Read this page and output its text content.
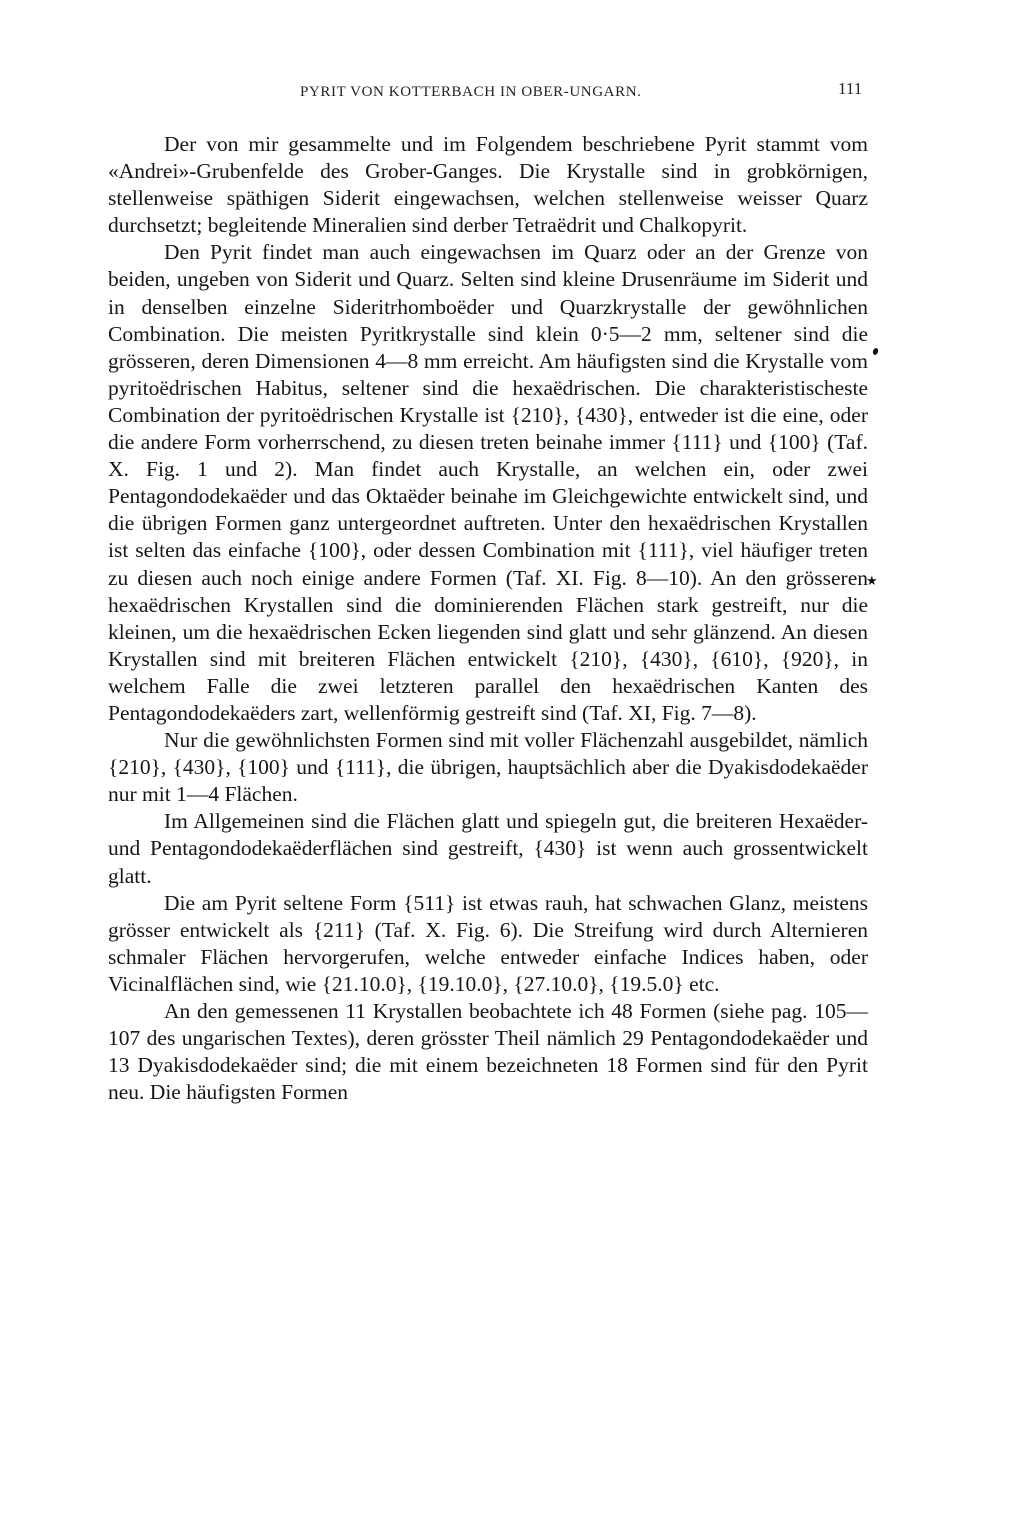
PYRIT VON KOTTERBACH IN OBER-UNGARN.	111

Der von mir gesammelte und im Folgendem beschriebene Pyrit stammt vom «Andrei»-Grubenfelde des Grober-Ganges. Die Krystalle sind in grobkörnigen, stellenweise späthigen Siderit eingewachsen, welchen stellenweise weisser Quarz durchsetzt; begleitende Mineralien sind derber Tetraëdrit und Chalkopyrit.

Den Pyrit findet man auch eingewachsen im Quarz oder an der Grenze von beiden, ungeben von Siderit und Quarz. Selten sind kleine Drusenräume im Siderit und in denselben einzelne Sideritrhomboëder und Quarzkrystalle der gewöhnlichen Combination. Die meisten Pyritkrystalle sind klein 0·5—2 mm, seltener sind die grösseren, deren Dimensionen 4—8 mm erreicht. Am häufigsten sind die Krystalle vom pyritoëdrischen Habitus, seltener sind die hexaëdrischen. Die charakteristischeste Combination der pyritoëdrischen Krystalle ist {210}, {430}, entweder ist die eine, oder die andere Form vorherrschend, zu diesen treten beinahe immer {111} und {100} (Taf. X. Fig. 1 und 2). Man findet auch Krystalle, an welchen ein, oder zwei Pentagondodekaëder und das Oktaëder beinahe im Gleichgewichte entwickelt sind, und die übrigen Formen ganz untergeordnet auftreten. Unter den hexaëdrischen Krystallen ist selten das einfache {100}, oder dessen Combination mit {111}, viel häufiger treten zu diesen auch noch einige andere Formen (Taf. XI. Fig. 8—10). An den grösseren hexaëdrischen Krystallen sind die dominierenden Flächen stark gestreift, nur die kleinen, um die hexaëdrischen Ecken liegenden sind glatt und sehr glänzend. An diesen Krystallen sind mit breiteren Flächen entwickelt {210}, {430}, {610}, {920}, in welchem Falle die zwei letzteren parallel den hexaëdrischen Kanten des Pentagondodekaëders zart, wellenförmig gestreift sind (Taf. XI, Fig. 7—8).

Nur die gewöhnlichsten Formen sind mit voller Flächenzahl ausgebildet, nämlich {210}, {430}, {100} und {111}, die übrigen, hauptsächlich aber die Dyakisdodekaëder nur mit 1—4 Flächen.

Im Allgemeinen sind die Flächen glatt und spiegeln gut, die breiteren Hexaëder- und Pentagondodekaëderflächen sind gestreift, {430} ist wenn auch grossentwickelt glatt.

Die am Pyrit seltene Form {511} ist etwas rauh, hat schwachen Glanz, meistens grösser entwickelt als {211} (Taf. X. Fig. 6). Die Streifung wird durch Alternieren schmaler Flächen hervorgerufen, welche entweder einfache Indices haben, oder Vicinalflächen sind, wie {21.10.0}, {19.10.0}, {27.10.0}, {19.5.0} etc.

An den gemessenen 11 Krystallen beobachtete ich 48 Formen (siehe pag. 105—107 des ungarischen Textes), deren grösster Theil nämlich 29 Pentagondodekaëder und 13 Dyakisdodekaëder sind; die mit einem bezeichneten 18 Formen sind für den Pyrit neu. Die häufigsten Formen

★
